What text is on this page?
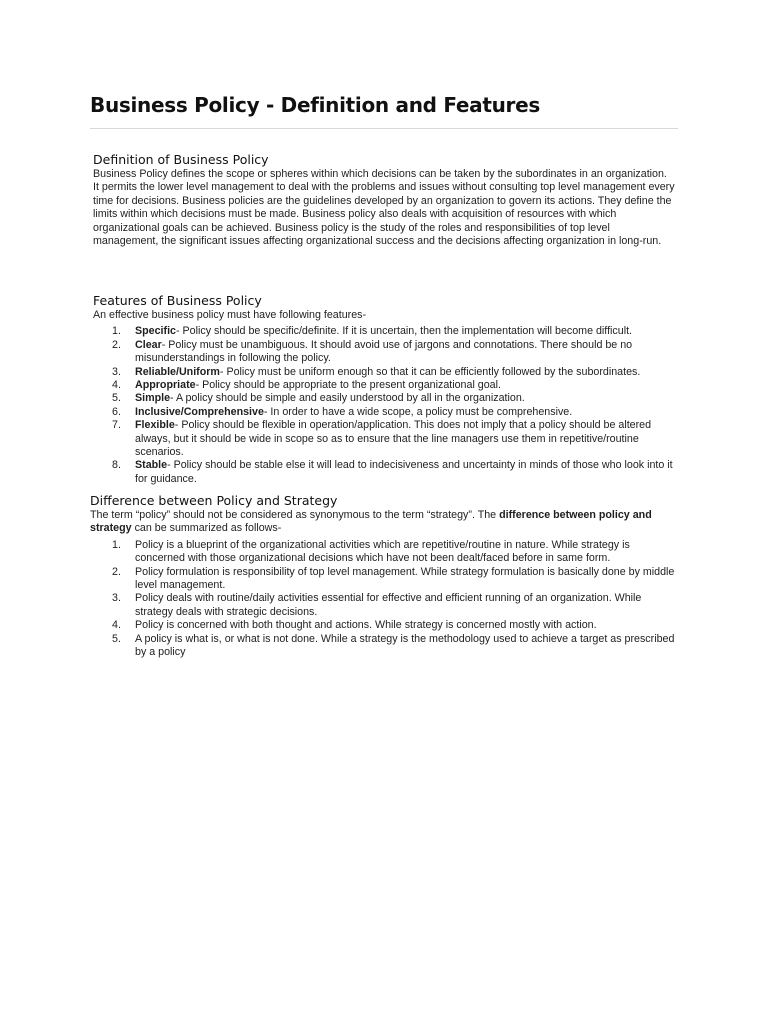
Business Policy - Definition and Features
Definition of Business Policy

Business Policy defines the scope or spheres within which decisions can be taken by the subordinates in an organization. It permits the lower level management to deal with the problems and issues without consulting top level management every time for decisions. Business policies are the guidelines developed by an organization to govern its actions. They define the limits within which decisions must be made. Business policy also deals with acquisition of resources with which organizational goals can be achieved. Business policy is the study of the roles and responsibilities of top level management, the significant issues affecting organizational success and the decisions affecting organization in long-run.

Features of Business Policy

An effective business policy must have following features-

1. Specific- Policy should be specific/definite. If it is uncertain, then the implementation will become difficult.
2. Clear- Policy must be unambiguous. It should avoid use of jargons and connotations. There should be no misunderstandings in following the policy.
3. Reliable/Uniform- Policy must be uniform enough so that it can be efficiently followed by the subordinates.
4. Appropriate- Policy should be appropriate to the present organizational goal.
5. Simple- A policy should be simple and easily understood by all in the organization.
6. Inclusive/Comprehensive- In order to have a wide scope, a policy must be comprehensive.
7. Flexible- Policy should be flexible in operation/application. This does not imply that a policy should be altered always, but it should be wide in scope so as to ensure that the line managers use them in repetitive/routine scenarios.
8. Stable- Policy should be stable else it will lead to indecisiveness and uncertainty in minds of those who look into it for guidance.
Difference between Policy and Strategy

The term “policy” should not be considered as synonymous to the term “strategy”. The difference between policy and strategy can be summarized as follows-

1. Policy is a blueprint of the organizational activities which are repetitive/routine in nature. While strategy is concerned with those organizational decisions which have not been dealt/faced before in same form.
2. Policy formulation is responsibility of top level management. While strategy formulation is basically done by middle level management.
3. Policy deals with routine/daily activities essential for effective and efficient running of an organization. While strategy deals with strategic decisions.
4. Policy is concerned with both thought and actions. While strategy is concerned mostly with action.
5. A policy is what is, or what is not done. While a strategy is the methodology used to achieve a target as prescribed by a policy
